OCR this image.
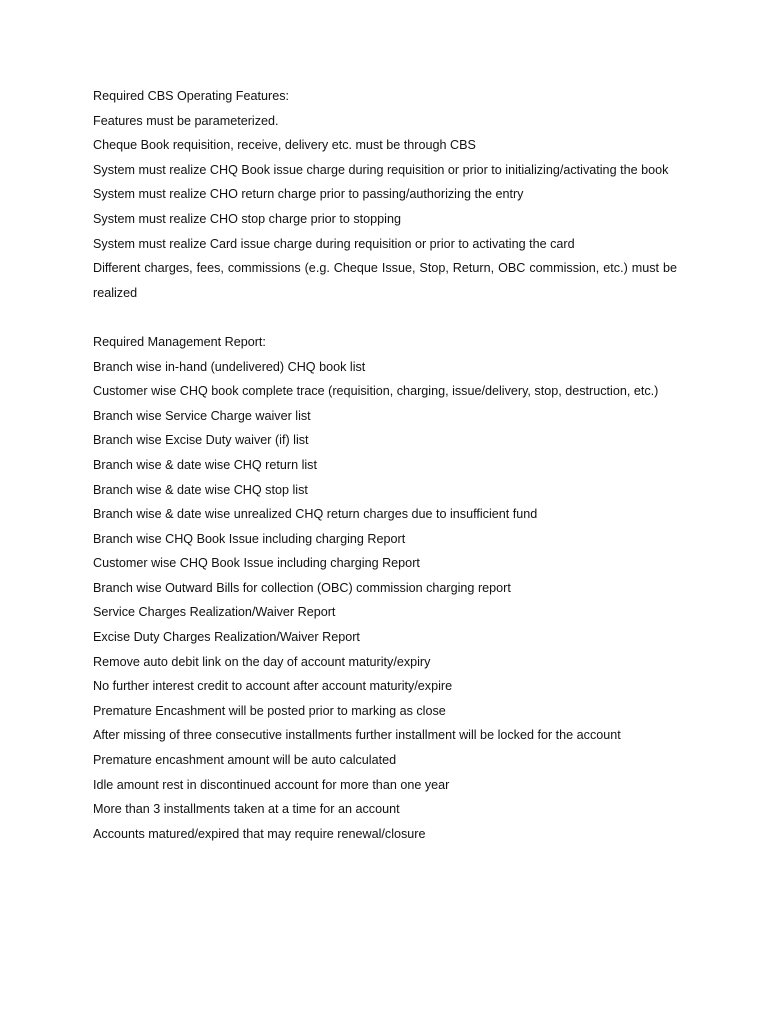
Required CBS Operating Features:

Features must be parameterized.

Cheque Book requisition, receive, delivery etc. must be through CBS

System must realize CHQ Book issue charge during requisition or prior to initializing/activating the book

System must realize CHO return charge prior to passing/authorizing the entry

System must realize CHO stop charge prior to stopping

System must realize Card issue charge during requisition or prior to activating the card

Different charges, fees, commissions (e.g. Cheque Issue, Stop, Return, OBC commission, etc.) must be realized

Required Management Report:

Branch wise in-hand (undelivered) CHQ book list

Customer wise CHQ book complete trace (requisition, charging, issue/delivery, stop, destruction, etc.)

Branch wise Service Charge waiver list

Branch wise Excise Duty waiver (if) list

Branch wise & date wise CHQ return list

Branch wise & date wise CHQ stop list

Branch wise & date wise unrealized CHQ return charges due to insufficient fund

Branch wise CHQ Book Issue including charging Report

Customer wise CHQ Book Issue including charging Report

Branch wise Outward Bills for collection (OBC) commission charging report

Service Charges Realization/Waiver Report

Excise Duty Charges Realization/Waiver Report

Remove auto debit link on the day of account maturity/expiry

No further interest credit to account after account maturity/expire

Premature Encashment will be posted prior to marking as close

After missing of three consecutive installments further installment will be locked for the account

Premature encashment amount will be auto calculated

Idle amount rest in discontinued account for more than one year

More than 3 installments taken at a time for an account

Accounts matured/expired that may require renewal/closure
